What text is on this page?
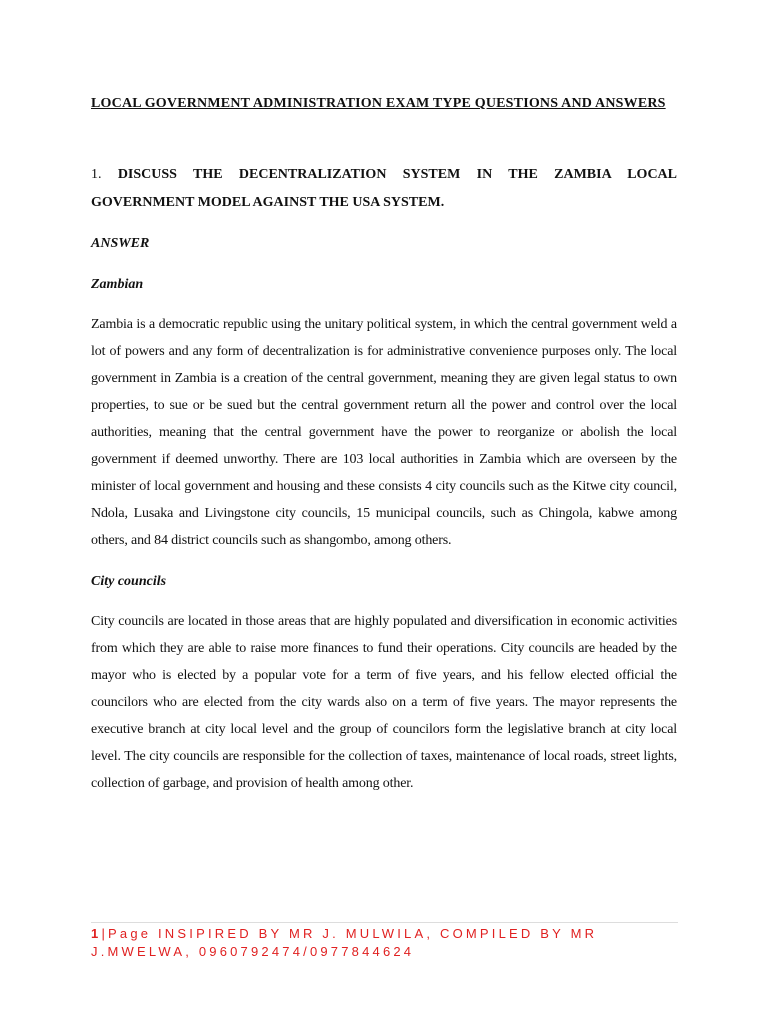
LOCAL GOVERNMENT ADMINISTRATION EXAM TYPE QUESTIONS AND ANSWERS

1. DISCUSS THE DECENTRALIZATION SYSTEM IN THE ZAMBIA LOCAL GOVERNMENT MODEL AGAINST THE USA SYSTEM.

ANSWER

Zambian

Zambia is a democratic republic using the unitary political system, in which the central government weld a lot of powers and any form of decentralization is for administrative convenience purposes only. The local government in Zambia is a creation of the central government, meaning they are given legal status to own properties, to sue or be sued but the central government return all the power and control over the local authorities, meaning that the central government have the power to reorganize or abolish the local government if deemed unworthy. There are 103 local authorities in Zambia which are overseen by the minister of local government and housing and these consists 4 city councils such as the Kitwe city council, Ndola, Lusaka and Livingstone city councils, 15 municipal councils, such as Chingola, kabwe among others, and 84 district councils such as shangombo, among others.

City councils

City councils are located in those areas that are highly populated and diversification in economic activities from which they are able to raise more finances to fund their operations. City councils are headed by the mayor who is elected by a popular vote for a term of five years, and his fellow elected official the councilors who are elected from the city wards also on a term of five years. The mayor represents the executive branch at city local level and the group of councilors form the legislative branch at city local level. The city councils are responsible for the collection of taxes, maintenance of local roads, street lights, collection of garbage, and provision of health among other.

1|Page INSIPIRED BY MR J. MULWILA, COMPILED BY MR J.MWELWA, 0960792474/0977844624
